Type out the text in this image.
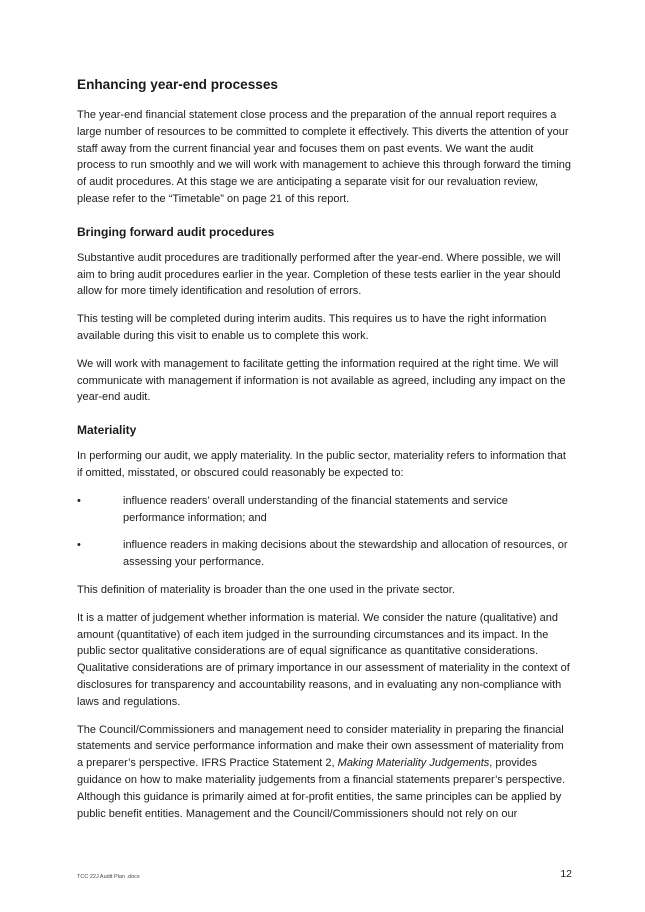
Enhancing year-end processes

The year-end financial statement close process and the preparation of the annual report requires a large number of resources to be committed to complete it effectively. This diverts the attention of your staff away from the current financial year and focuses them on past events. We want the audit process to run smoothly and we will work with management to achieve this through forward the timing of audit procedures. At this stage we are anticipating a separate visit for our revaluation review, please refer to the “Timetable” on page 21 of this report.

Bringing forward audit procedures

Substantive audit procedures are traditionally performed after the year-end. Where possible, we will aim to bring audit procedures earlier in the year. Completion of these tests earlier in the year should allow for more timely identification and resolution of errors.

This testing will be completed during interim audits. This requires us to have the right information available during this visit to enable us to complete this work.

We will work with management to facilitate getting the information required at the right time. We will communicate with management if information is not available as agreed, including any impact on the year-end audit.

Materiality

In performing our audit, we apply materiality. In the public sector, materiality refers to information that if omitted, misstated, or obscured could reasonably be expected to:

•	influence readers’ overall understanding of the financial statements and service performance information; and
•	influence readers in making decisions about the stewardship and allocation of resources, or assessing your performance.

This definition of materiality is broader than the one used in the private sector.

It is a matter of judgement whether information is material. We consider the nature (qualitative) and amount (quantitative) of each item judged in the surrounding circumstances and its impact. In the public sector qualitative considerations are of equal significance as quantitative considerations. Qualitative considerations are of primary importance in our assessment of materiality in the context of disclosures for transparency and accountability reasons, and in evaluating any non-compliance with laws and regulations.

The Council/Commissioners and management need to consider materiality in preparing the financial statements and service performance information and make their own assessment of materiality from a preparer’s perspective. IFRS Practice Statement 2, Making Materiality Judgements, provides guidance on how to make materiality judgements from a financial statements preparer’s perspective. Although this guidance is primarily aimed at for-profit entities, the same principles can be applied by public benefit entities. Management and the Council/Commissioners should not rely on our

TCC 22J Audit Plan .docx	12
